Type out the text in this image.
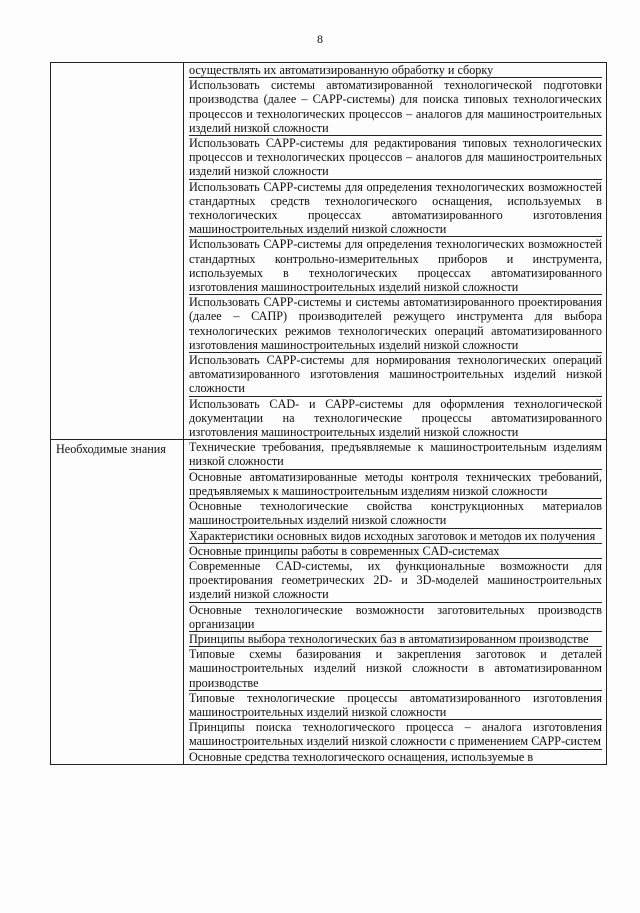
8

осуществлять их автоматизированную обработку и сборку

Использовать системы автоматизированной технологической подготовки производства (далее – САРР-системы) для поиска типовых технологических процессов и технологических процессов – аналогов для машиностроительных изделий низкой сложности

Использовать САРР-системы для редактирования типовых технологических процессов и технологических процессов – аналогов для машиностроительных изделий низкой сложности

Использовать САРР-системы для определения технологических возможностей стандартных средств технологического оснащения, используемых в технологических процессах автоматизированного изготовления машиностроительных изделий низкой сложности

Использовать САРР-системы для определения технологических возможностей стандартных контрольно-измерительных приборов и инструмента, используемых в технологических процессах автоматизированного изготовления машиностроительных изделий низкой сложности

Использовать САРР-системы и системы автоматизированного проектирования (далее – САПР) производителей режущего инструмента для выбора технологических режимов технологических операций автоматизированного изготовления машиностроительных изделий низкой сложности

Использовать САРР-системы для нормирования технологических операций автоматизированного изготовления машиностроительных изделий низкой сложности

Использовать CAD- и САРР-системы для оформления технологической документации на технологические процессы автоматизированного изготовления машиностроительных изделий низкой сложности

Необходимые знания	Технические требования, предъявляемые к машиностроительным изделиям низкой сложности

Основные автоматизированные методы контроля технических требований, предъявляемых к машиностроительным изделиям низкой сложности

Основные технологические свойства конструкционных материалов машиностроительных изделий низкой сложности

Характеристики основных видов исходных заготовок и методов их получения

Основные принципы работы в современных CAD-системах

Современные CAD-системы, их функциональные возможности для проектирования геометрических 2D- и 3D-моделей машиностроительных изделий низкой сложности

Основные технологические возможности заготовительных производств организации

Принципы выбора технологических баз в автоматизированном производстве

Типовые схемы базирования и закрепления заготовок и деталей машиностроительных изделий низкой сложности в автоматизированном производстве

Типовые технологические процессы автоматизированного изготовления машиностроительных изделий низкой сложности

Принципы поиска технологического процесса – аналога изготовления машиностроительных изделий низкой сложности с применением САРР-систем

Основные средства технологического оснащения, используемые в
